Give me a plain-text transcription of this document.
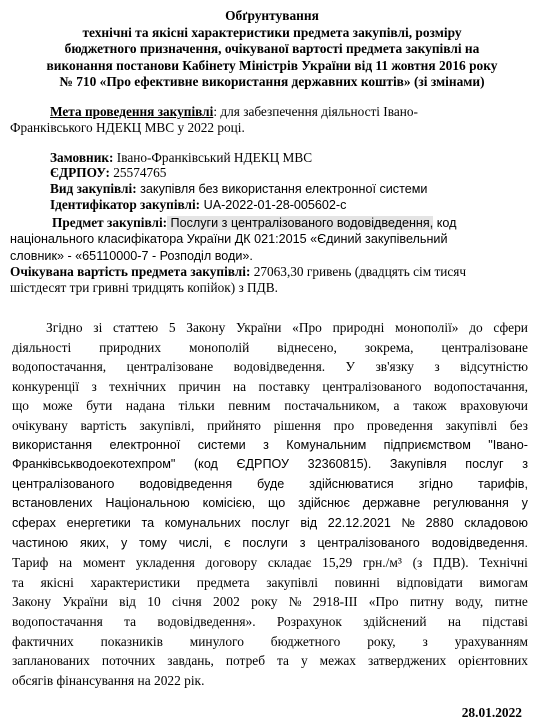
Обґрунтування
технічні та якісні характеристики предмета закупівлі, розміру
бюджетного призначення, очікуваної вартості предмета закупівлі на
виконання постанови Кабінету Міністрів України від 11 жовтня 2016 року
№ 710 «Про ефективне використання державних коштів» (зі змінами)
Мета проведення закупівлі: для забезпечення діяльності Івано-
Франківського НДЕКЦ МВС у 2022 році.
Замовник: Івано-Франківський НДЕКЦ МВС
ЄДРПОУ: 25574765
Вид закупівлі: закупівля без використання електронної системи
Ідентифікатор закупівлі: UA-2022-01-28-005602-c
Предмет закупівлі: Послуги з централізованого водовідведення, код
національного класифікатора України ДК 021:2015 «Єдиний закупівельний
словник» - «65110000-7 - Розподіл води».
Очікувана вартість предмета закупівлі: 27063,30 гривень (двадцять сім тисяч
шістдесят три гривні тридцять копійок) з ПДВ.
Згідно зі статтею 5 Закону України «Про природні монополії» до сфери
діяльності природних монополій віднесено, зокрема, централізоване
водопостачання, централізоване водовідведення. У зв'язку з відсутністю
конкуренції з технічних причин на поставку централізованого водопостачання,
що може бути надана тільки певним постачальником, а також враховуючи
очікувану вартість закупівлі, прийнято рішення про проведення закупівлі без
використання електронної системи з Комунальним підприємством "Івано-
Франківськводоекотехпром" (код ЄДРПОУ 32360815). Закупівля послуг з
централізованого водовідведення буде здійснюватися згідно тарифів,
встановлених Національною комісією, що здійснює державне регулювання у
сферах енергетики та комунальних послуг від 22.12.2021 № 2880 складовою
частиною яких, у тому числі, є послуги з централізованого водовідведення.
Тариф на момент укладення договору складає 15,29 грн./м³ (з ПДВ). Технічні
та якісні характеристики предмета закупівлі повинні відповідати вимогам
Закону України від 10 січня 2002 року № 2918-III «Про питну воду, питне
водопостачання та водовідведення». Розрахунок здійснений на підставі
фактичних показників минулого бюджетного року, з урахуванням
запланованих поточних завдань, потреб та у межах затверджених орієнтовних
обсягів фінансування на 2022 рік.
28.01.2022
